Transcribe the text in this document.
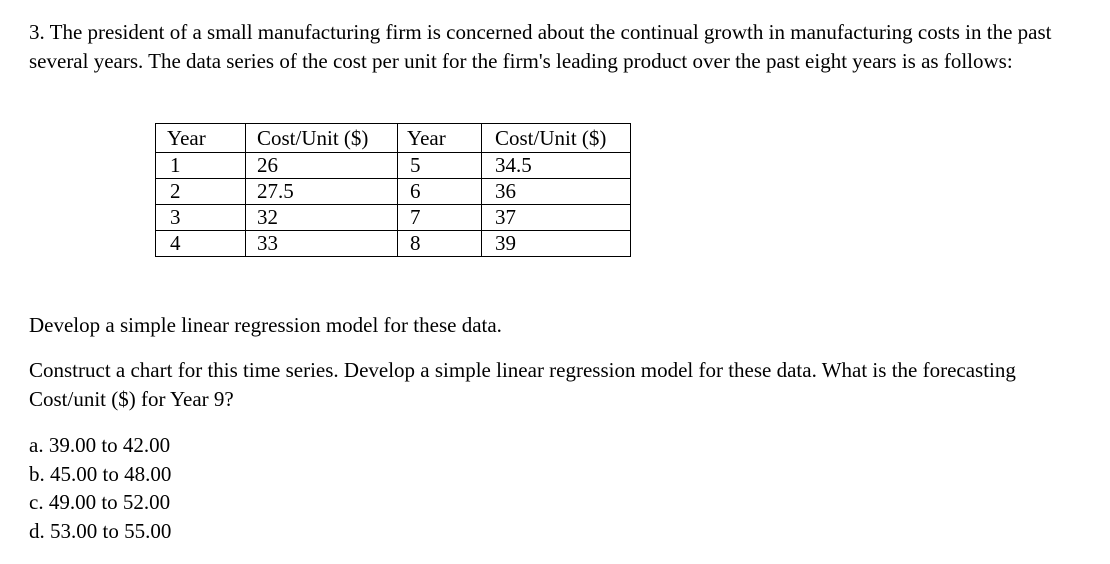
3. The president of a small manufacturing firm is concerned about the continual growth in manufacturing costs in the past several years. The data series of the cost per unit for the firm's leading product over the past eight years is as follows:

Year	Cost/Unit ($)	Year	Cost/Unit ($)
1	26	5	34.5
2	27.5	6	36
3	32	7	37
4	33	8	39

Develop a simple linear regression model for these data.

Construct a chart for this time series. Develop a simple linear regression model for these data. What is the forecasting Cost/unit ($) for Year 9?

a. 39.00 to 42.00
b. 45.00 to 48.00
c. 49.00 to 52.00
d. 53.00 to 55.00
